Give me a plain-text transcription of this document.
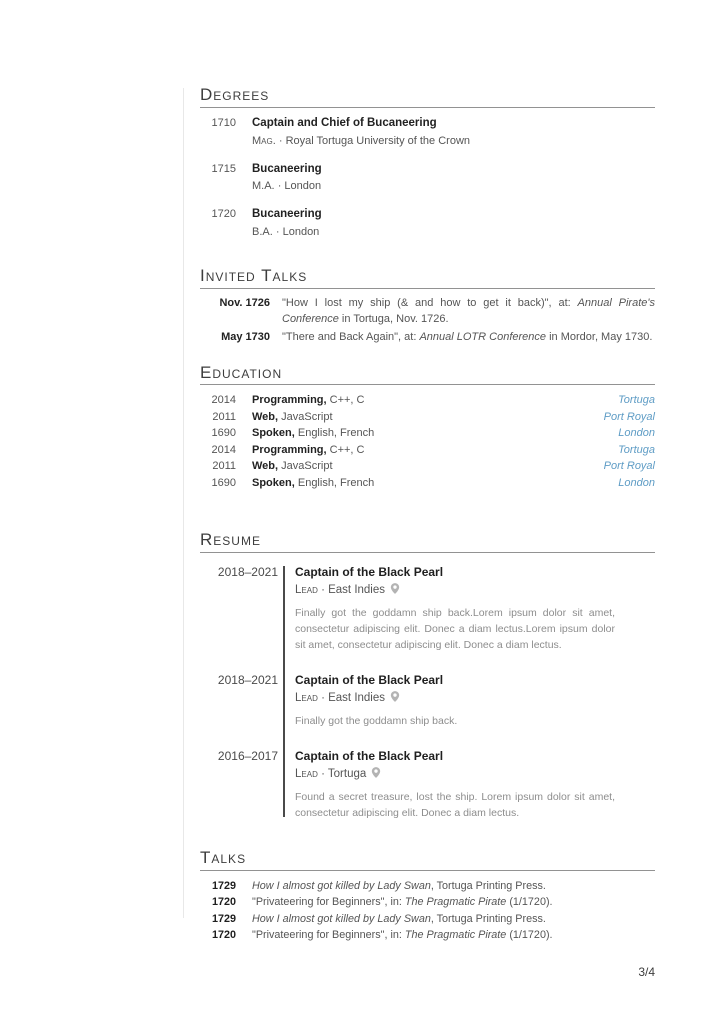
Degrees
1710 Captain and Chief of Bucaneering
Mag. · Royal Tortuga University of the Crown
1715 Bucaneering
M.A. · London
1720 Bucaneering
B.A. · London
Invited Talks
Nov. 1726 "How I lost my ship (& and how to get it back)", at: Annual Pirate's Conference in Tortuga, Nov. 1726.
May 1730 "There and Back Again", at: Annual LOTR Conference in Mordor, May 1730.
Education
2014 Programming, C++, C	Tortuga
2011 Web, JavaScript	Port Royal
1690 Spoken, English, French	London
2014 Programming, C++, C	Tortuga
2011 Web, JavaScript	Port Royal
1690 Spoken, English, French	London
Resume
2018–2021 Captain of the Black Pearl
Lead · East Indies
Finally got the goddamn ship back.Lorem ipsum dolor sit amet, consectetur adipiscing elit. Donec a diam lectus.Lorem ipsum dolor sit amet, consectetur adipiscing elit. Donec a diam lectus.
2018–2021 Captain of the Black Pearl
Lead · East Indies
Finally got the goddamn ship back.
2016–2017 Captain of the Black Pearl
Lead · Tortuga
Found a secret treasure, lost the ship. Lorem ipsum dolor sit amet, consectetur adipiscing elit. Donec a diam lectus.
Talks
1729 How I almost got killed by Lady Swan, Tortuga Printing Press.
1720 "Privateering for Beginners", in: The Pragmatic Pirate (1/1720).
1729 How I almost got killed by Lady Swan, Tortuga Printing Press.
1720 "Privateering for Beginners", in: The Pragmatic Pirate (1/1720).
3/4
